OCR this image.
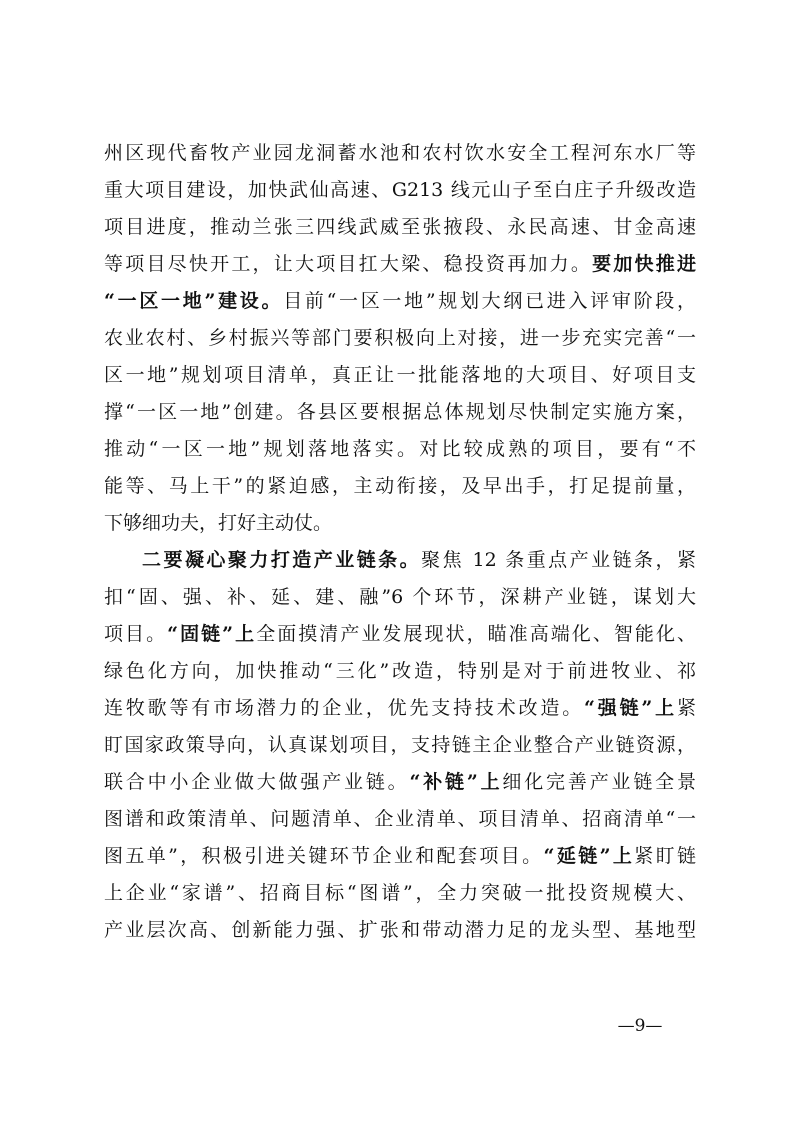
州区现代畜牧产业园龙洞蓄水池和农村饮水安全工程河东水厂等
重大项目建设，加快武仙高速、G213 线元山子至白庄子升级改造
项目进度，推动兰张三四线武威至张掖段、永民高速、甘金高速
等项目尽快开工，让大项目扛大梁、稳投资再加力。要加快推进
“一区一地”建设。目前“一区一地”规划大纲已进入评审阶段，
农业农村、乡村振兴等部门要积极向上对接，进一步充实完善“一
区一地”规划项目清单，真正让一批能落地的大项目、好项目支
撑“一区一地”创建。各县区要根据总体规划尽快制定实施方案，
推动“一区一地”规划落地落实。对比较成熟的项目，要有“不
能等、马上干”的紧迫感，主动衔接，及早出手，打足提前量，
下够细功夫，打好主动仗。
二要凝心聚力打造产业链条。聚焦 12 条重点产业链条，紧
扣“固、强、补、延、建、融”6 个环节，深耕产业链，谋划大
项目。“固链”上全面摸清产业发展现状，瞄准高端化、智能化、
绿色化方向，加快推动“三化”改造，特别是对于前进牧业、祁
连牧歌等有市场潜力的企业，优先支持技术改造。“强链”上紧
盯国家政策导向，认真谋划项目，支持链主企业整合产业链资源，
联合中小企业做大做强产业链。“补链”上细化完善产业链全景
图谱和政策清单、问题清单、企业清单、项目清单、招商清单“一
图五单”，积极引进关键环节企业和配套项目。“延链”上紧盯链
上企业“家谱”、招商目标“图谱”，全力突破一批投资规模大、
产业层次高、创新能力强、扩张和带动潜力足的龙头型、基地型
—9—
